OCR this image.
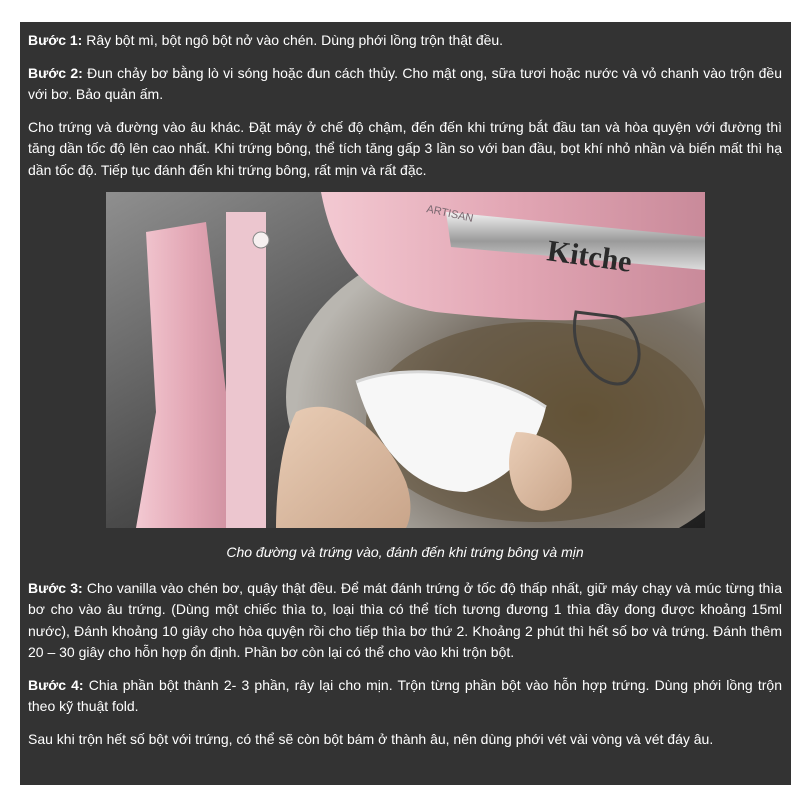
Bước 1: Rây bột mì, bột ngô bột nở vào chén. Dùng phới lồng trộn thật đều.

Bước 2: Đun chảy bơ bằng lò vi sóng hoặc đun cách thủy. Cho mật ong, sữa tươi hoặc nước và vỏ chanh vào trộn đều với bơ. Bảo quản ấm.

Cho trứng và đường vào âu khác. Đặt máy ở chế độ chậm, đến đến khi trứng bắt đầu tan và hòa quyện với đường thì tăng dần tốc độ lên cao nhất. Khi trứng bông, thể tích tăng gấp 3 lần so với ban đầu, bọt khí nhỏ nhần và biến mất thì hạ dần tốc độ. Tiếp tục đánh đến khi trứng bông, rất mịn và rất đặc.

Kitche
ARTISAN

Cho đường và trứng vào, đánh đến khi trứng bông và mịn

Bước 3: Cho vanilla vào chén bơ, quậy thật đều. Để mát đánh trứng ở tốc độ thấp nhất, giữ máy chạy và múc từng thìa bơ cho vào âu trứng. (Dùng một chiếc thìa to, loại thìa có thể tích tương đương 1 thìa đầy đong được khoảng 15ml nước), Đánh khoảng 10 giây cho hòa quyện rồi cho tiếp thìa bơ thứ 2. Khoảng 2 phút thì hết số bơ và trứng. Đánh thêm 20 – 30 giây cho hỗn hợp ổn định. Phần bơ còn lại có thể cho vào khi trộn bột.

Bước 4: Chia phần bột thành 2- 3 phần, rây lại cho mịn. Trộn từng phần bột vào hỗn hợp trứng. Dùng phới lồng trộn theo kỹ thuật fold.

Sau khi trộn hết số bột với trứng, có thể sẽ còn bột bám ở thành âu, nên dùng phới vét vài vòng và vét đáy âu.
